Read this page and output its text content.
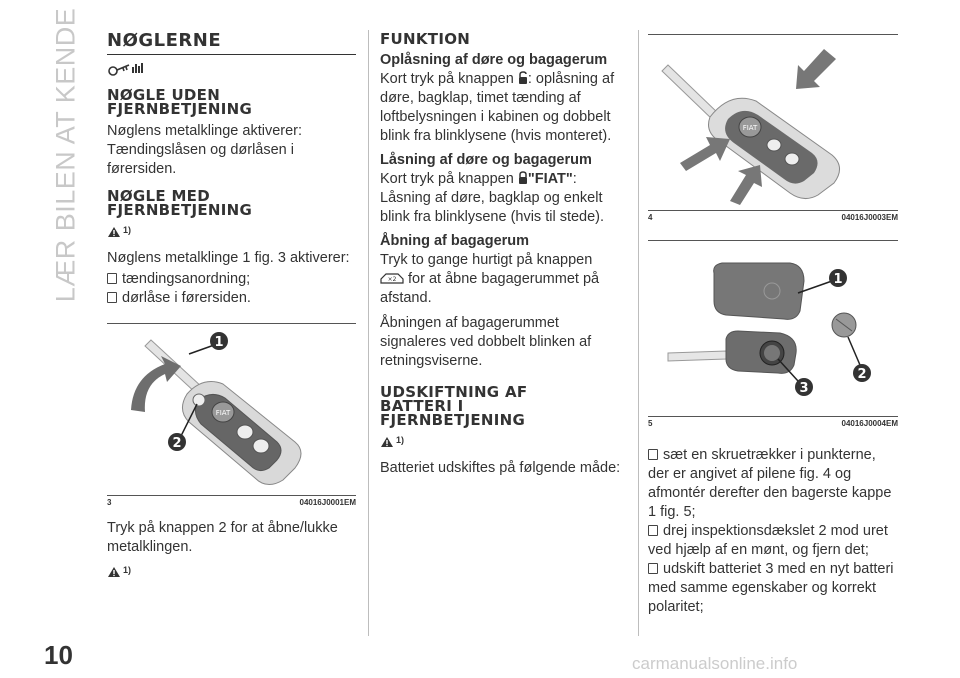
LÆR BILEN AT KENDE NØGLERNE
NØGLE UDEN
FJERNBETJENING

Nøglens metalklinge aktiverer: Tændingslåsen og dørlåsen i førersiden.

NØGLE MED
FJERNBETJENING
$^{1)}$

Nøglens metalklinge 1 fig. 3 aktiverer:

tændingsanordning;
dørlåse i førersiden.
FIAT
1
2
3	04016J0001EM

Tryk på knappen 2 for at åbne/lukke metalklingen.

$^{1)}$
FUNKTION
Oplåsning af døre og bagagerum

Kort tryk på knappen : oplåsning af døre, bagklap, timet tænding af loftbelysningen i kabinen og dobbelt blink fra blinklysene (hvis monteret).

Låsning af døre og bagagerum

Kort tryk på knappen "FIAT": Låsning af døre, bagklap og enkelt blink fra blinklysene (hvis til stede).

Åbning af bagagerum

Tryk to gange hurtigt på knappen

×2 for at åbne bagagerummet på afstand.

Åbningen af bagagerummet signaleres ved dobbelt blinken af retningsviserne.

UDSKIFTNING AF
BATTERI I
FJERNBETJENING
$^{1)}$

Batteriet udskiftes på følgende måde:

FIAT
4	04016J0003EM
1
3
2
5	04016J0004EM
sæt en skruetrækker i punkterne, der er angivet af pilene fig. 4 og afmontér derefter den bagerste kappe 1 fig. 5;
drej inspektionsdækslet 2 mod uret ved hjælp af en mønt, og fjern det;
udskift batteriet 3 med en nyt batteri med samme egenskaber og korrekt polaritet;
10	carmanualsonline.info
